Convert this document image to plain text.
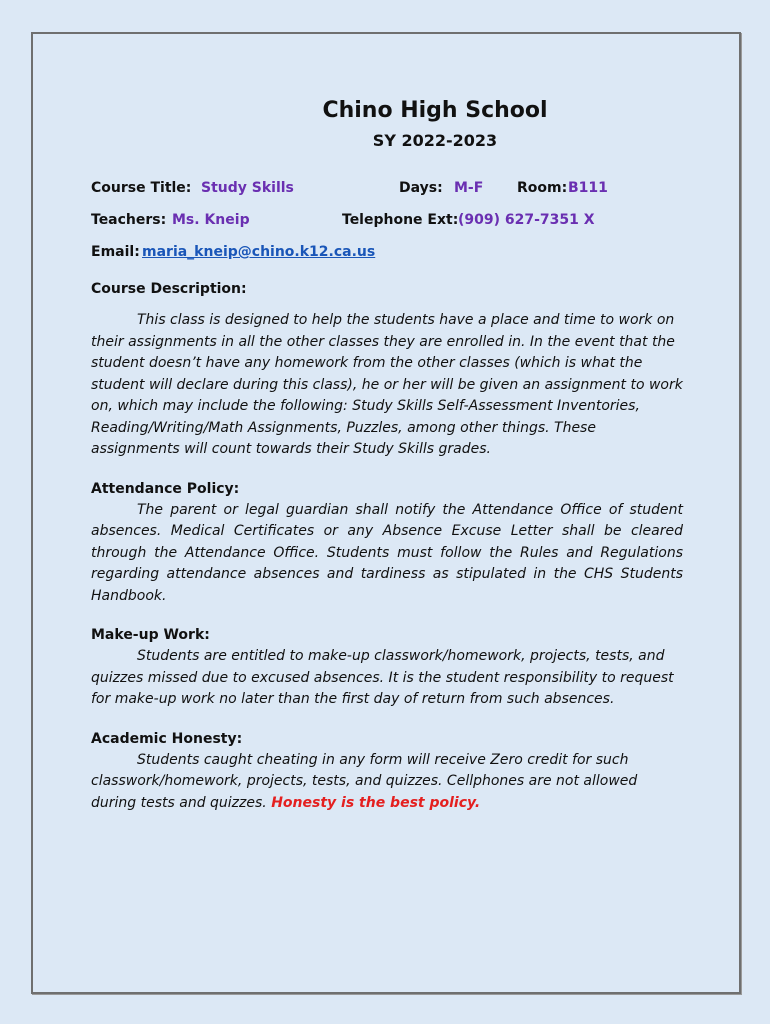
Chino High School
SY 2022-2023
Course Title: Study Skills	Days: M-F Room: B111
Teachers: Ms. Kneip	Telephone Ext: (909) 627-7351 X
Email: maria_kneip@chino.k12.ca.us
Course Description:

This class is designed to help the students have a place and time to work on their assignments in all the other classes they are enrolled in. In the event that the student doesn’t have any homework from the other classes (which is what the student will declare during this class), he or her will be given an assignment to work on, which may include the following: Study Skills Self-Assessment Inventories, Reading/Writing/Math Assignments, Puzzles, among other things. These assignments will count towards their Study Skills grades.

Attendance Policy:

The parent or legal guardian shall notify the Attendance Office of student absences. Medical Certificates or any Absence Excuse Letter shall be cleared through the Attendance Office. Students must follow the Rules and Regulations regarding attendance absences and tardiness as stipulated in the CHS Students Handbook.

Make-up Work:

Students are entitled to make-up classwork/homework, projects, tests, and quizzes missed due to excused absences. It is the student responsibility to request for make-up work no later than the first day of return from such absences.

Academic Honesty:

Students caught cheating in any form will receive Zero credit for such classwork/homework, projects, tests, and quizzes. Cellphones are not allowed during tests and quizzes. Honesty is the best policy.
